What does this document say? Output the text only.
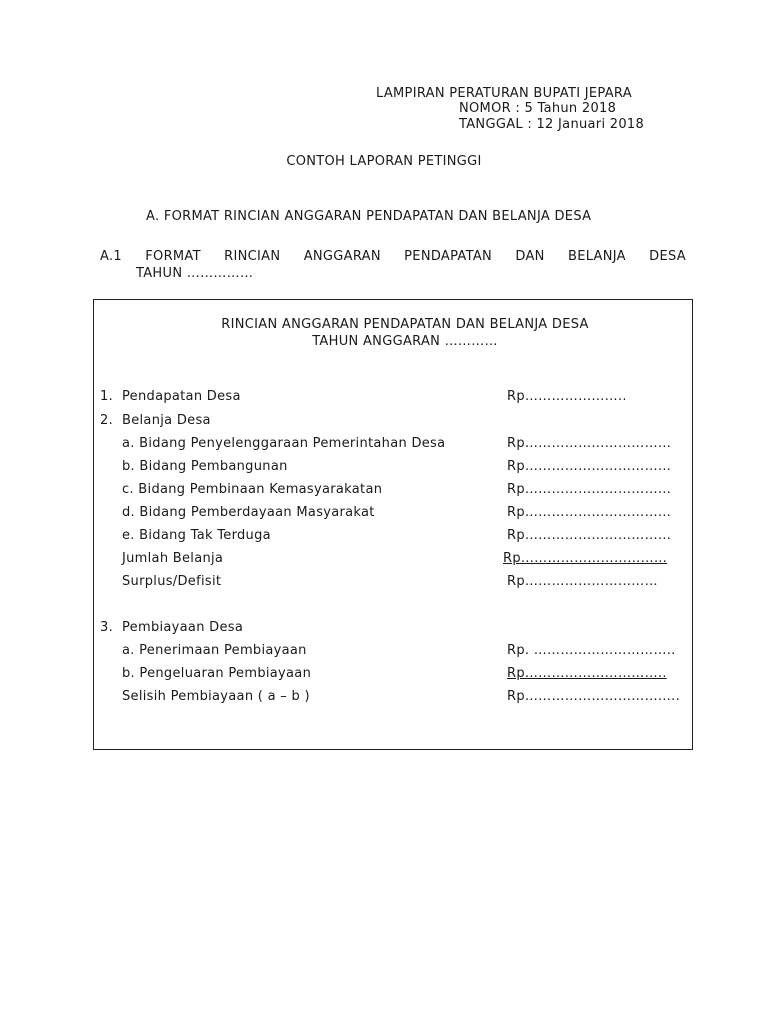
LAMPIRAN PERATURAN BUPATI JEPARA
NOMOR : 5 Tahun 2018
TANGGAL : 12 Januari 2018
CONTOH LAPORAN PETINGGI
A. FORMAT RINCIAN ANGGARAN PENDAPATAN DAN BELANJA DESA
A.1 FORMAT RINCIAN ANGGARAN PENDAPATAN DAN BELANJA DESA
TAHUN ……………
RINCIAN ANGGARAN PENDAPATAN DAN BELANJA DESA
TAHUN ANGGARAN …………
1. Pendapatan Desa	Rp…………………..
2. Belanja Desa
a. Bidang Penyelenggaraan Pemerintahan Desa	Rp……………………………
b. Bidang Pembangunan	Rp……………………………
c. Bidang Pembinaan Kemasyarakatan	Rp……………………………
d. Bidang Pemberdayaan Masyarakat	Rp……………………………
e. Bidang Tak Terduga	Rp……………………………
Jumlah Belanja	Rp……………………………
Surplus/Defisit	Rp…………………………
3. Pembiayaan Desa
a. Penerimaan Pembiayaan	Rp. …………………………..
b. Pengeluaran Pembiayaan	Rp…………………………..
Selisih Pembiayaan ( a – b )	Rp……………………………..
